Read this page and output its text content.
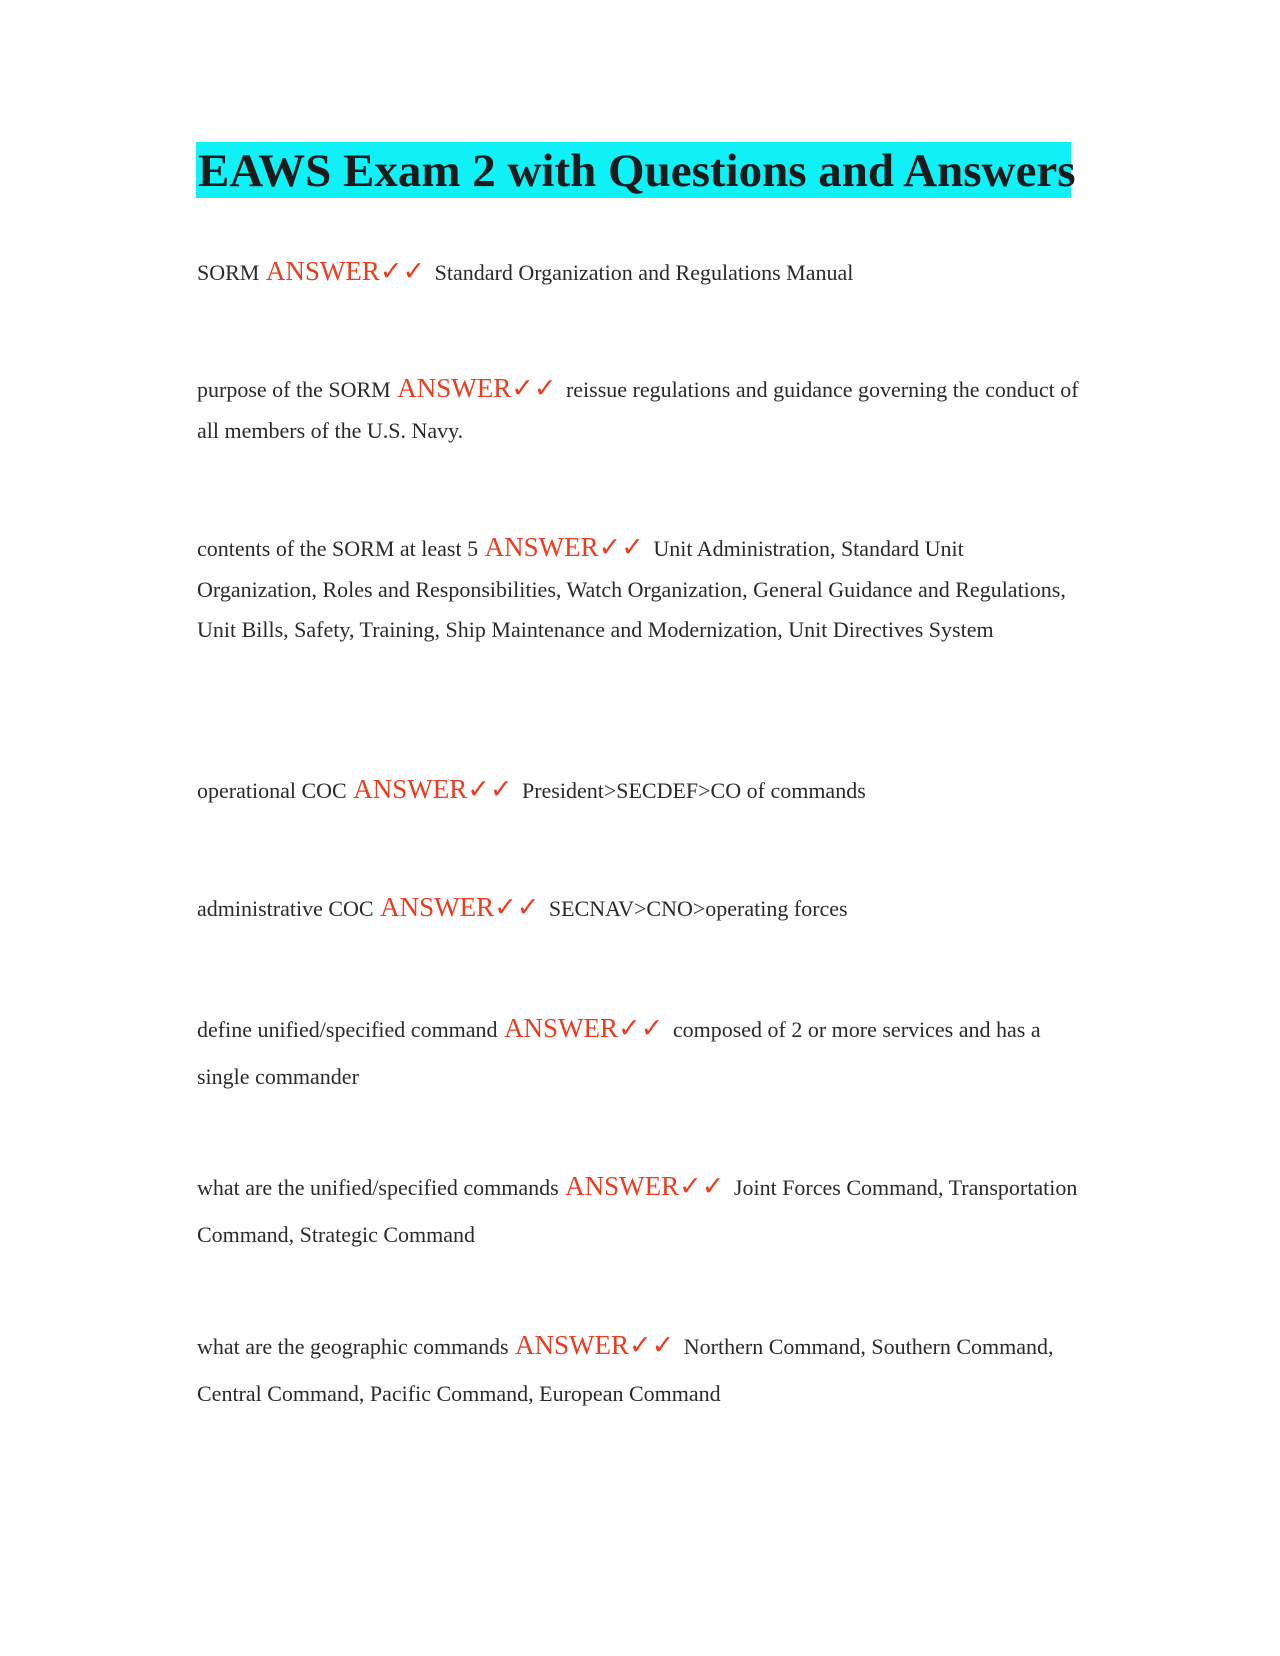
EAWS Exam 2 with Questions and Answers

SORM ANSWER✓✓ Standard Organization and Regulations Manual

purpose of the SORM ANSWER✓✓ reissue regulations and guidance governing the conduct of all members of the U.S. Navy.

contents of the SORM at least 5 ANSWER✓✓ Unit Administration, Standard Unit Organization, Roles and Responsibilities, Watch Organization, General Guidance and Regulations, Unit Bills, Safety, Training, Ship Maintenance and Modernization, Unit Directives System

operational COC ANSWER✓✓ President>SECDEF>CO of commands

administrative COC ANSWER✓✓ SECNAV>CNO>operating forces

define unified/specified command ANSWER✓✓ composed of 2 or more services and has a single commander

what are the unified/specified commands ANSWER✓✓ Joint Forces Command, Transportation Command, Strategic Command

what are the geographic commands ANSWER✓✓ Northern Command, Southern Command, Central Command, Pacific Command, European Command
